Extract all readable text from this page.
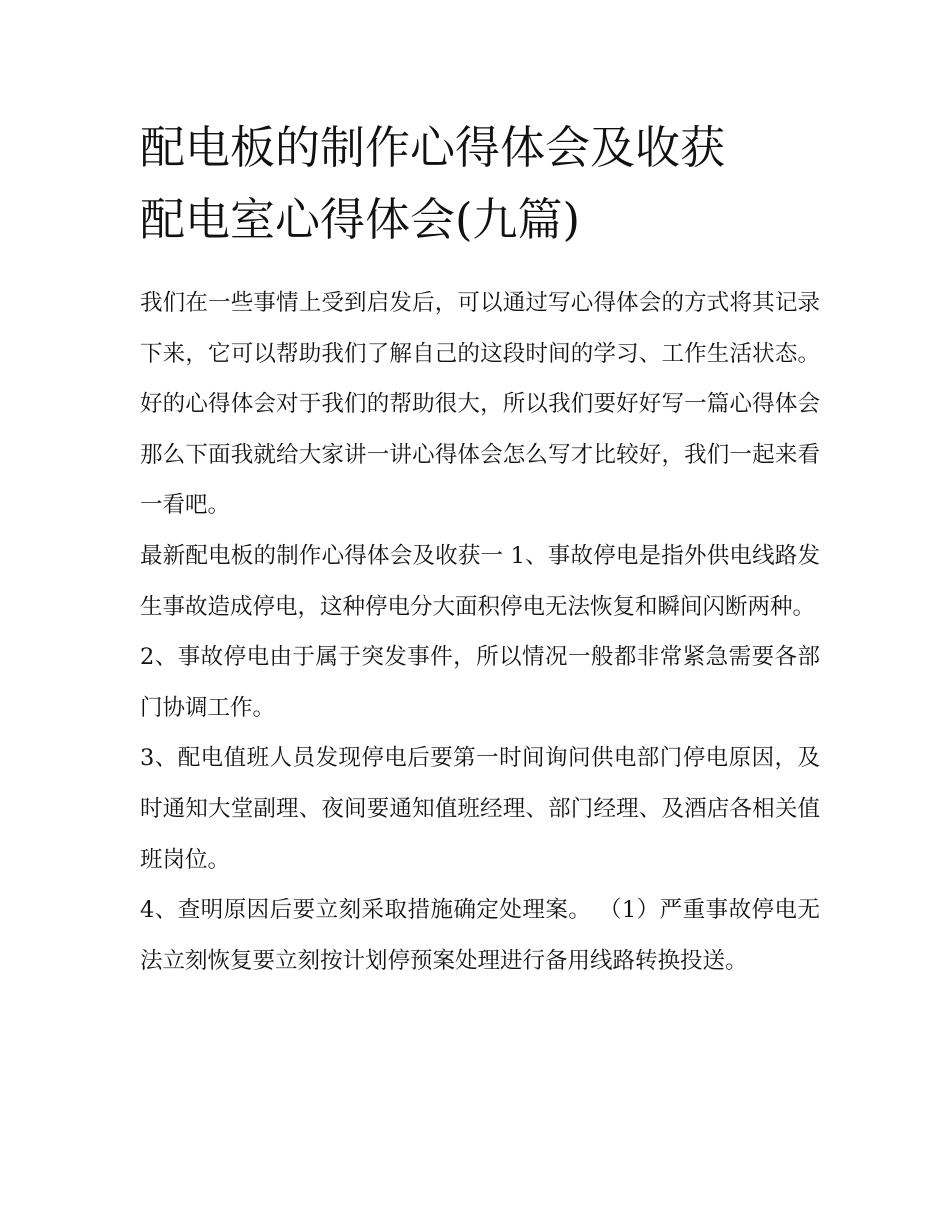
配电板的制作心得体会及收获
配电室心得体会(九篇)

我们在一些事情上受到启发后，可以通过写心得体会的方式将其记录下来，它可以帮助我们了解自己的这段时间的学习、工作生活状态。好的心得体会对于我们的帮助很大，所以我们要好好写一篇心得体会那么下面我就给大家讲一讲心得体会怎么写才比较好，我们一起来看一看吧。

最新配电板的制作心得体会及收获一 1、事故停电是指外供电线路发生事故造成停电，这种停电分大面积停电无法恢复和瞬间闪断两种。

2、事故停电由于属于突发事件，所以情况一般都非常紧急需要各部门协调工作。

3、配电值班人员发现停电后要第一时间询问供电部门停电原因，及时通知大堂副理、夜间要通知值班经理、部门经理、及酒店各相关值班岗位。

4、查明原因后要立刻采取措施确定处理案。 （1）严重事故停电无法立刻恢复要立刻按计划停预案处理进行备用线路转换投送。
